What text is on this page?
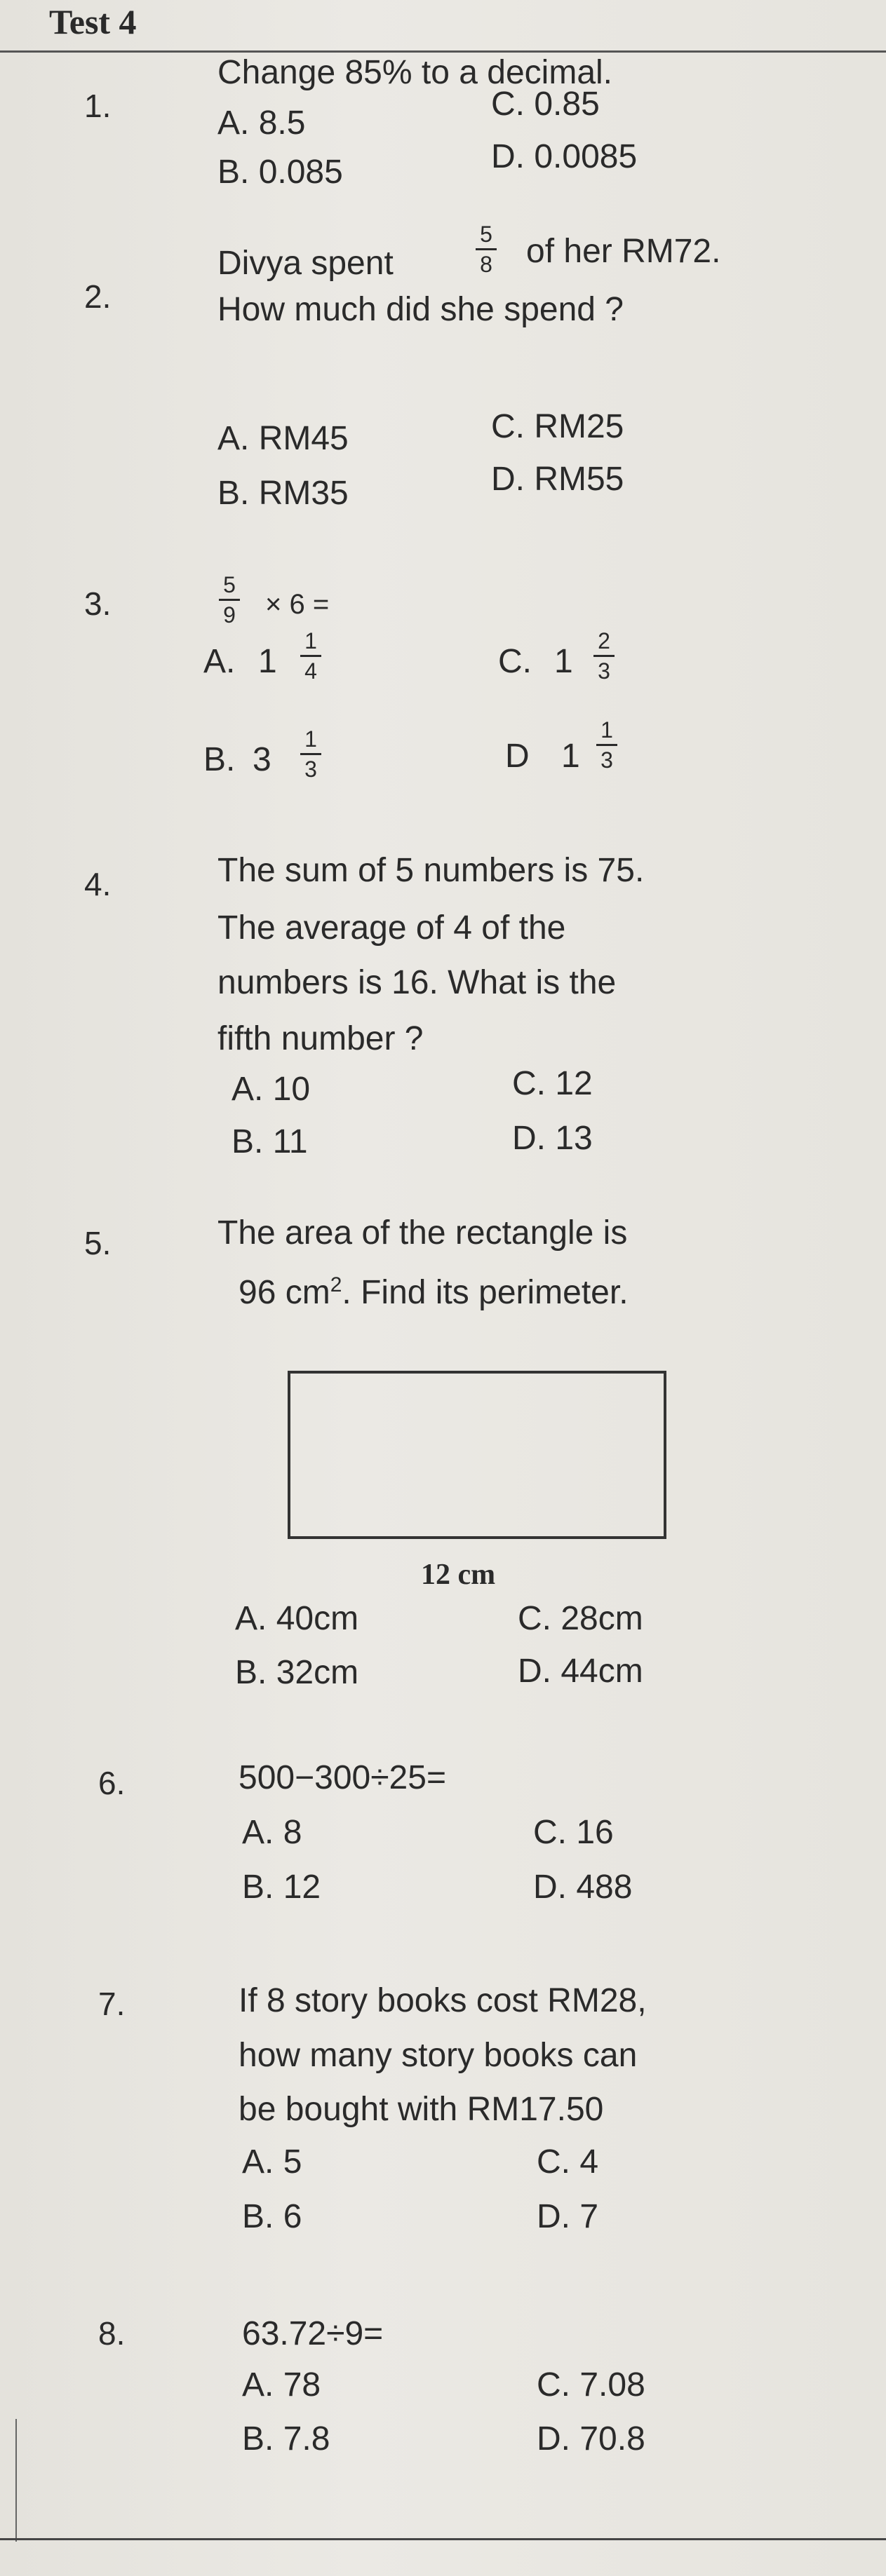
Test 4
1.
Change 85% to a decimal.
A. 8.5
C. 0.85
B. 0.085	D. 0.0085
2.
Divya spent
5
8 of her RM72.
How much did she spend ?
A. RM45	C. RM25
B. RM35	D. RM55
3.
5
9 × 6 =
A. 1
1
4	C. 1
2
3
B. 3
1
3	D 1
1
3
4.	The sum of 5 numbers is 75.
The average of 4 of the
numbers is 16. What is the
fifth number ?
A. 10	C. 12
B. 11	D. 13
5.	The area of the rectangle is
96 $cm^2$. Find its perimeter.
12 cm
A. 40cm	C. 28cm
B. 32cm	D. 44cm
6.	500−300÷25=
A. 8	C. 16
B. 12	D. 488
7.	If 8 story books cost RM28,
how many story books can
be bought with RM17.50
A. 5	C. 4
B. 6	D. 7
8.	63.72÷9=
A. 78	C. 7.08
B. 7.8	D. 70.8
